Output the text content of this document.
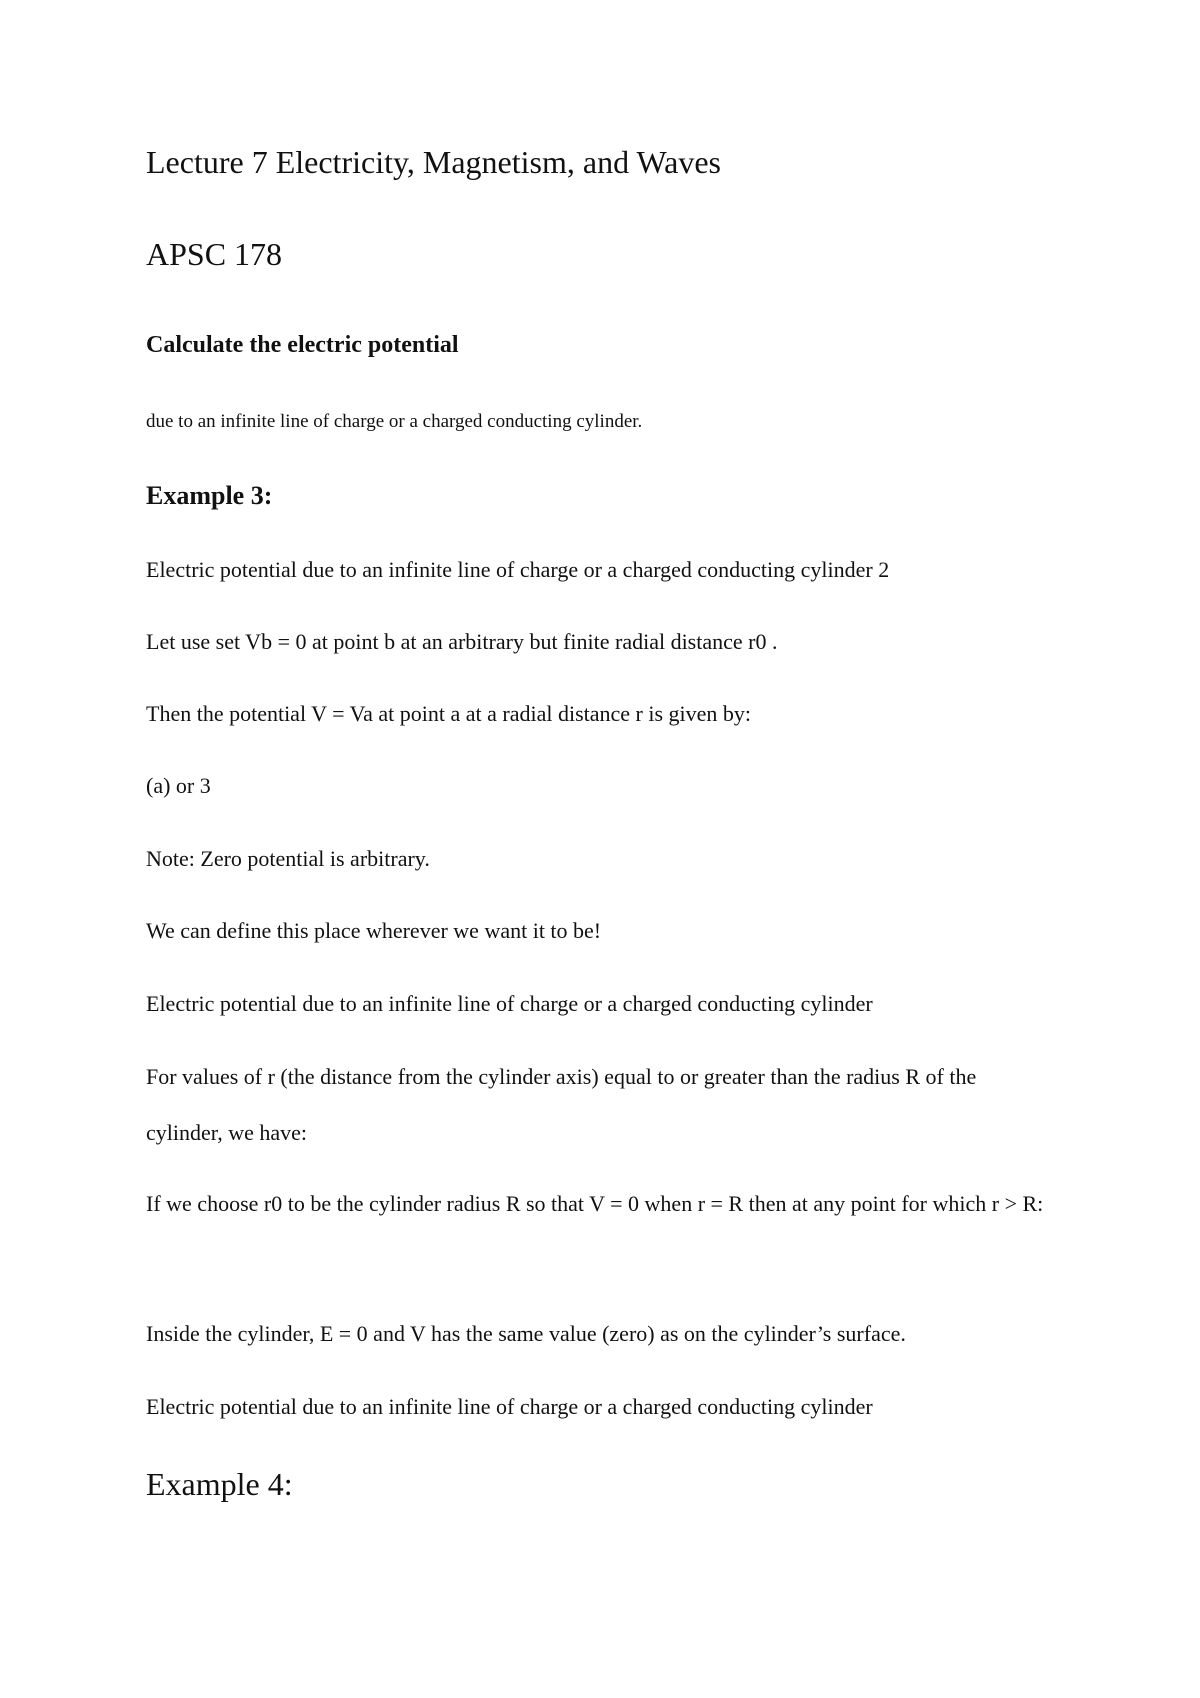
Lecture 7 Electricity, Magnetism, and Waves
APSC 178
Calculate the electric potential

due to an infinite line of charge or a charged conducting cylinder.

Example 3:

Electric potential due to an infinite line of charge or a charged conducting cylinder 2

Let use set Vb = 0 at point b at an arbitrary but finite radial distance r0 .

Then the potential V = Va at point a at a radial distance r is given by:

(a) or 3

Note: Zero potential is arbitrary.

We can define this place wherever we want it to be!

Electric potential due to an infinite line of charge or a charged conducting cylinder

For values of r (the distance from the cylinder axis) equal to or greater than the radius R of the cylinder, we have:

If we choose r0 to be the cylinder radius R so that V = 0 when r = R then at any point for which r > R:

Inside the cylinder, E = 0 and V has the same value (zero) as on the cylinder’s surface.

Electric potential due to an infinite line of charge or a charged conducting cylinder

Example 4:
